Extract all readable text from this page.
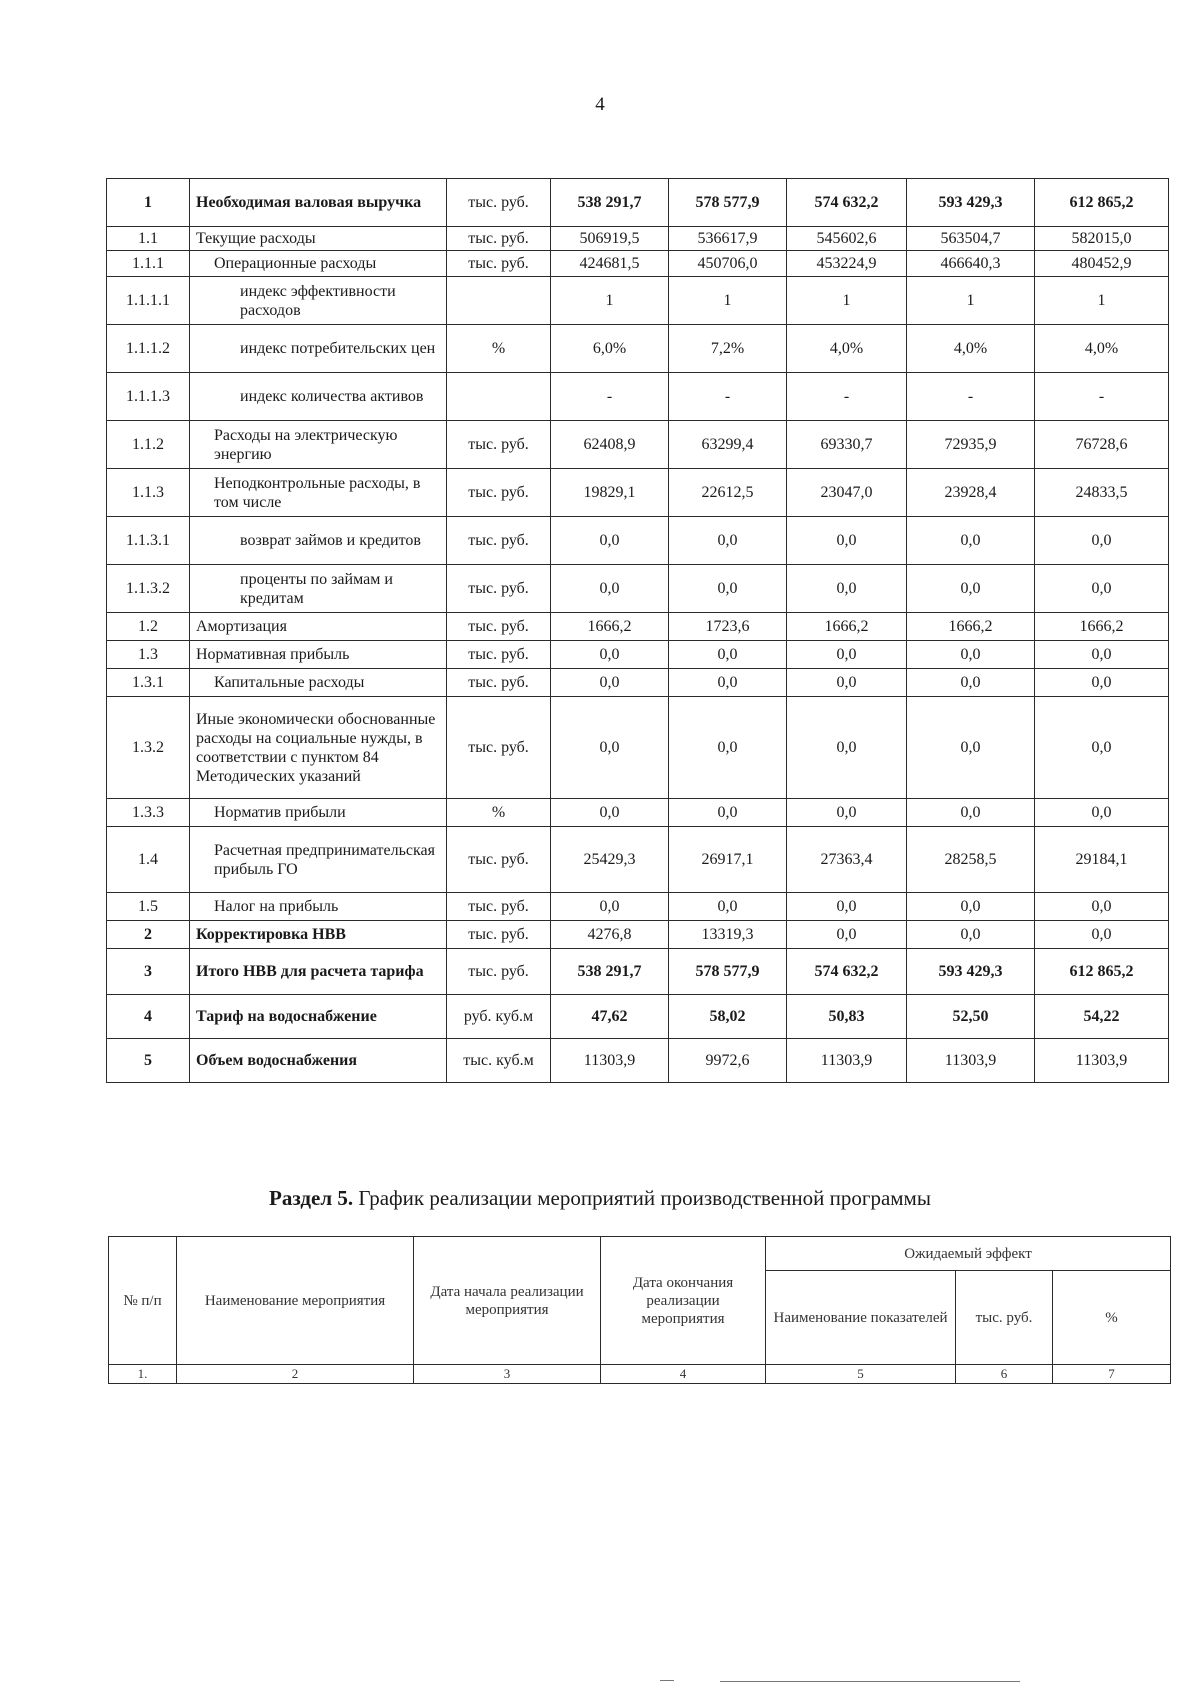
4
1	Необходимая валовая выручка	тыс. руб.	538 291,7	578 577,9	574 632,2	593 429,3	612 865,2
1.1	Текущие расходы	тыс. руб.	506919,5	536617,9	545602,6	563504,7	582015,0
1.1.1	Операционные расходы	тыс. руб.	424681,5	450706,0	453224,9	466640,3	480452,9
1.1.1.1	индекс эффективности расходов		1	1	1	1	1
1.1.1.2	индекс потребительских цен	%	6,0%	7,2%	4,0%	4,0%	4,0%
1.1.1.3	индекс количества активов		-	-	-	-	-
1.1.2	Расходы на электрическую энергию	тыс. руб.	62408,9	63299,4	69330,7	72935,9	76728,6
1.1.3	Неподконтрольные расходы, в том числе	тыс. руб.	19829,1	22612,5	23047,0	23928,4	24833,5
1.1.3.1	возврат займов и кредитов	тыс. руб.	0,0	0,0	0,0	0,0	0,0
1.1.3.2	проценты по займам и кредитам	тыс. руб.	0,0	0,0	0,0	0,0	0,0
1.2	Амортизация	тыс. руб.	1666,2	1723,6	1666,2	1666,2	1666,2
1.3	Нормативная прибыль	тыс. руб.	0,0	0,0	0,0	0,0	0,0
1.3.1	Капитальные расходы	тыс. руб.	0,0	0,0	0,0	0,0	0,0
1.3.2	Иные экономически обоснованные расходы на социальные нужды, в соответствии с пунктом 84 Методических указаний	тыс. руб.	0,0	0,0	0,0	0,0	0,0
1.3.3	Норматив прибыли	%	0,0	0,0	0,0	0,0	0,0
1.4	Расчетная предпринимательская прибыль ГО	тыс. руб.	25429,3	26917,1	27363,4	28258,5	29184,1
1.5	Налог на прибыль	тыс. руб.	0,0	0,0	0,0	0,0	0,0
2	Корректировка НВВ	тыс. руб.	4276,8	13319,3	0,0	0,0	0,0
3	Итого НВВ для расчета тарифа	тыс. руб.	538 291,7	578 577,9	574 632,2	593 429,3	612 865,2
4	Тариф на водоснабжение	руб. куб.м	47,62	58,02	50,83	52,50	54,22
5	Объем водоснабжения	тыс. куб.м	11303,9	9972,6	11303,9	11303,9	11303,9
Раздел 5. График реализации мероприятий производственной программы
№ п/п	Наименование мероприятия	Дата начала реализации мероприятия	Дата окончания реализации мероприятия	Ожидаемый эффект		
				Наименование показателей	тыс. руб.	%
1.	2	3	4	5	6	7
